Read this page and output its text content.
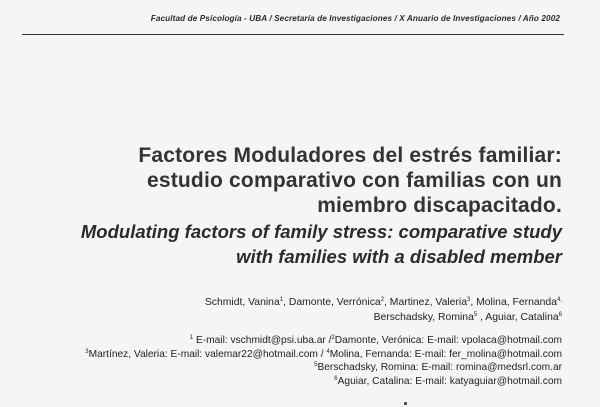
Facultad de Psicología - UBA / Secretaría de Investigaciones / X Anuario de Investigaciones / Año 2002

Factores Moduladores del estrés familiar:
estudio comparativo con familias con un
miembro discapacitado.

Modulating factors of family stress: comparative study
with families with a disabled member

Schmidt, Vanina$^1$, Damonte, Verrónica$^2$, Martinez, Valeria$^3$, Molina, Fernanda$^{4,}$
Berschadsky, Romina$^5$ , Aguiar, Catalina$^6$
$^1$ E-mail: vschmidt@psi.uba.ar /$^2$Damonte, Verónica: E-mail: vpolaca@hotmail.com
$^3$Martínez, Valeria: E-mail: valemar22@hotmail.com / $^4$Molina, Fernanda: E-mail: fer_molina@hotmail.com
$^5$Berschadsky, Romina: E-mail: romina@medsrl.com.ar
$^6$Aguiar, Catalina: E-mail: katyaguiar@hotmail.com
